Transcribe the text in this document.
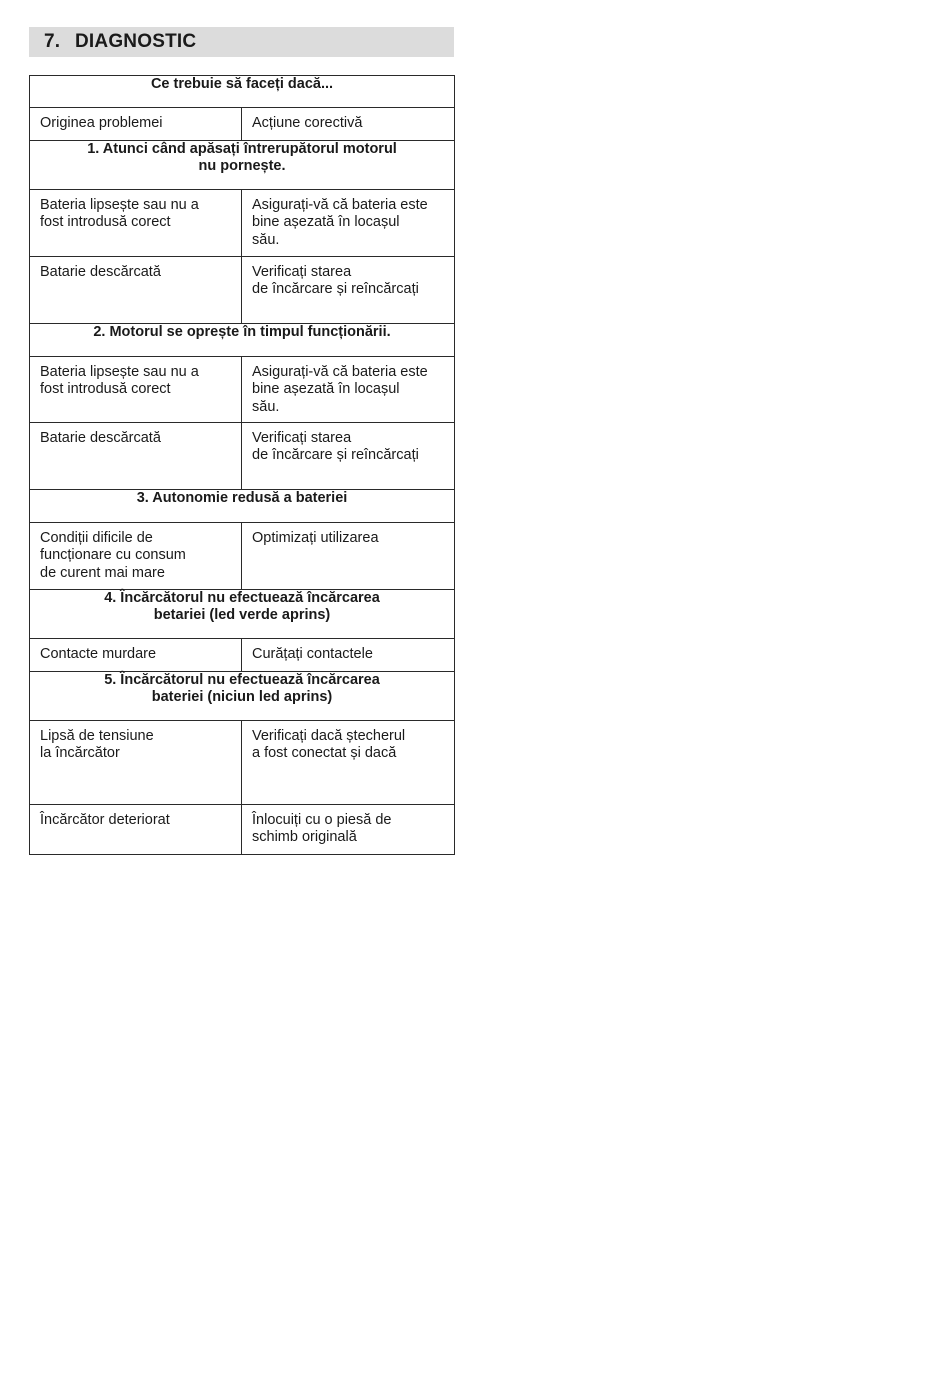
7. DIAGNOSTIC
Ce trebuie să faceți dacă...	
Originea problemei	Acțiune corectivă
1. Atunci când apăsați întrerupătorul motorul
nu pornește.	
Bateria lipsește sau nu a
fost introdusă corect	Asigurați-vă că bateria este
bine așezată în locașul
său.
Batarie descărcată	Verificați starea
de încărcare și reîncărcați
2. Motorul se oprește în timpul funcționării.	
Bateria lipsește sau nu a
fost introdusă corect	Asigurați-vă că bateria este
bine așezată în locașul
său.
Batarie descărcată	Verificați starea
de încărcare și reîncărcați
3. Autonomie redusă a bateriei	
Condiții dificile de
funcționare cu consum
de curent mai mare	Optimizați utilizarea
4. Încărcătorul nu efectuează încărcarea
betariei (led verde aprins)	
Contacte murdare	Curățați contactele
5. Încărcătorul nu efectuează încărcarea
bateriei (niciun led aprins)	
Lipsă de tensiune
la încărcător	Verificați dacă ștecherul
a fost conectat și dacă
Încărcător deteriorat	Înlocuiți cu o piesă de
schimb originală
